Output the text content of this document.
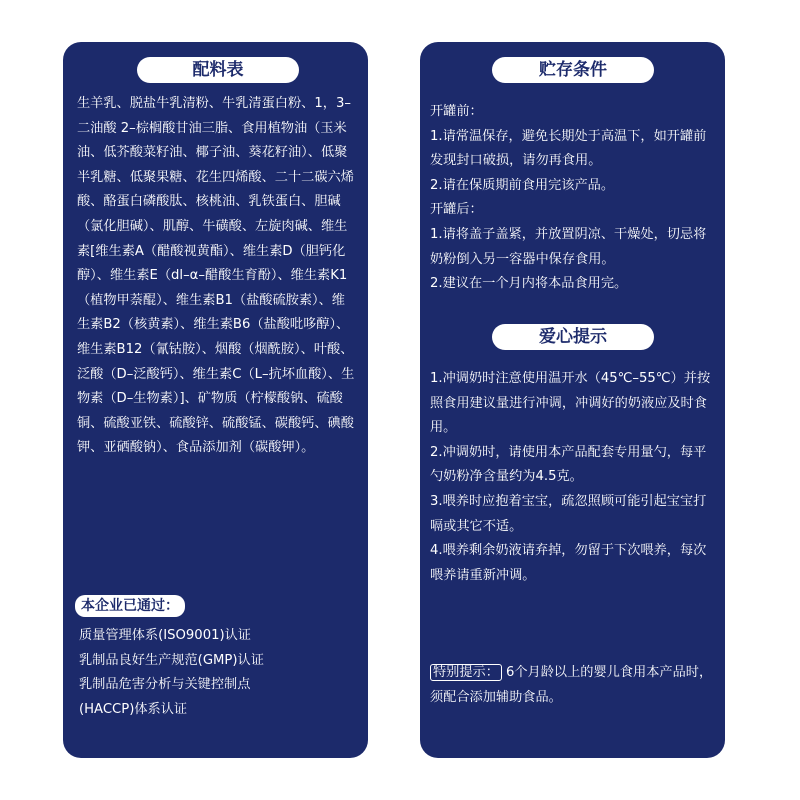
配料表
生羊乳、脱盐牛乳清粉、牛乳清蛋白粉、1，3–二油酸 2–棕榈酸甘油三脂、食用植物油（玉米油、低芥酸菜籽油、椰子油、葵花籽油）、低聚半乳糖、低聚果糖、花生四烯酸、二十二碳六烯酸、酪蛋白磷酸肽、核桃油、乳铁蛋白、胆碱（氯化胆碱）、肌醇、牛磺酸、左旋肉碱、维生素[维生素A（醋酸视黄酯）、维生素D（胆钙化醇）、维生素E（dl–α–醋酸生育酚）、维生素K1（植物甲萘醌）、维生素B1（盐酸硫胺素）、维生素B2（核黄素）、维生素B6（盐酸吡哆醇）、维生素B12（氰钴胺）、烟酸（烟酰胺）、叶酸、泛酸（D–泛酸钙）、维生素C（L–抗坏血酸）、生物素（D–生物素）]、矿物质（柠檬酸钠、硫酸铜、硫酸亚铁、硫酸锌、硫酸锰、碳酸钙、碘酸钾、亚硒酸钠）、食品添加剂（碳酸钾）。
本企业已通过：
质量管理体系(ISO9001)认证
乳制品良好生产规范(GMP)认证
乳制品危害分析与关键控制点
(HACCP)体系认证
贮存条件
开罐前：
1.请常温保存，避免长期处于高温下，如开罐前发现封口破损，请勿再食用。
2.请在保质期前食用完该产品。
开罐后：
1.请将盖子盖紧，并放置阴凉、干燥处，切忌将奶粉倒入另一容器中保存食用。
2.建议在一个月内将本品食用完。
爱心提示
1.冲调奶时注意使用温开水（45℃–55℃）并按照食用建议量进行冲调，冲调好的奶液应及时食用。
2.冲调奶时，请使用本产品配套专用量勺，每平勺奶粉净含量约为4.5克。
3.喂养时应抱着宝宝，疏忽照顾可能引起宝宝打嗝或其它不适。
4.喂养剩余奶液请弃掉，勿留于下次喂养，每次喂养请重新冲调。
特别提示： 6个月龄以上的婴儿食用本产品时，须配合添加辅助食品。
